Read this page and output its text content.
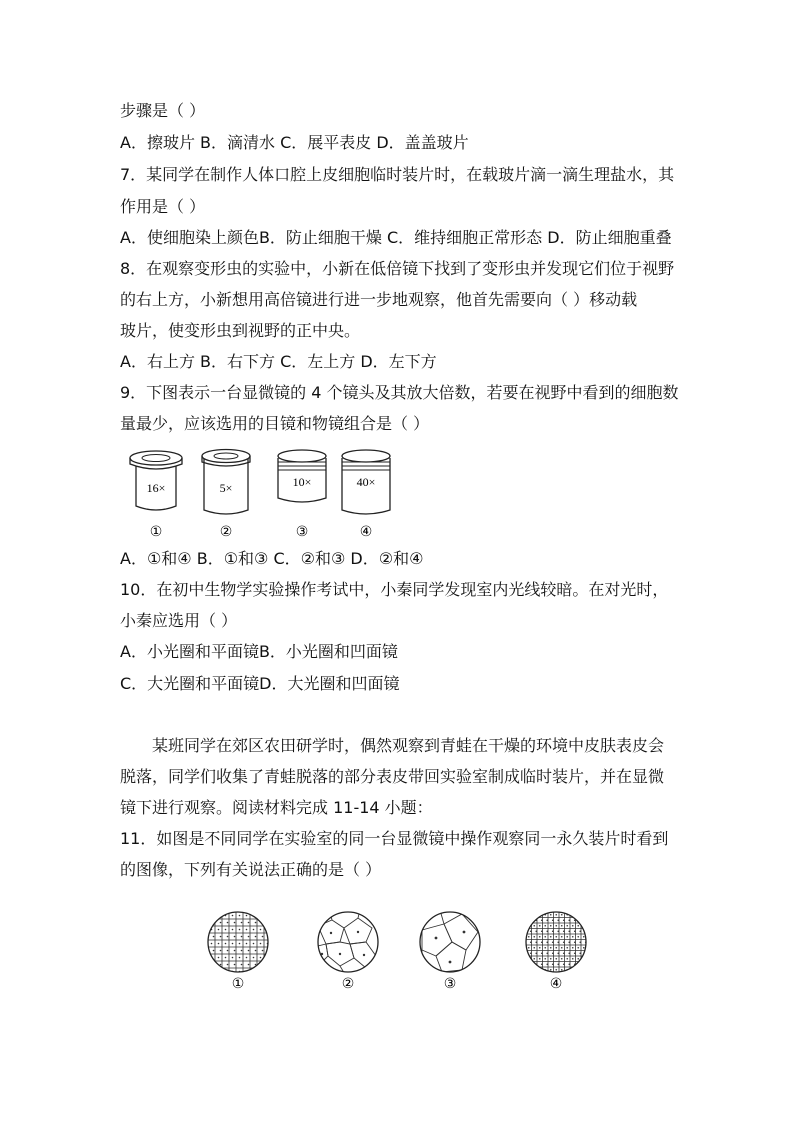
步骤是（ ）
A．擦玻片 B．滴清水 C．展平表皮 D．盖盖玻片
7．某同学在制作人体口腔上皮细胞临时装片时，在载玻片滴一滴生理盐水，其
作用是（ ）
A．使细胞染上颜色B．防止细胞干燥 C．维持细胞正常形态 D．防止细胞重叠
8．在观察变形虫的实验中，小新在低倍镜下找到了变形虫并发现它们位于视野
的右上方，小新想用高倍镜进行进一步地观察，他首先需要向（ ）移动载
玻片，使变形虫到视野的正中央。
A．右上方 B．右下方 C．左上方 D．左下方
9．下图表示一台显微镜的 4 个镜头及其放大倍数，若要在视野中看到的细胞数
量最少，应该选用的目镜和物镜组合是（ ）
16×	5×	10×	40×
①	②	③	④
A．①和④ B．①和③ C．②和③ D．②和④
10．在初中生物学实验操作考试中，小秦同学发现室内光线较暗。在对光时，
小秦应选用（ ）
A．小光圈和平面镜B．小光圈和凹面镜
C．大光圈和平面镜D．大光圈和凹面镜
某班同学在郊区农田研学时，偶然观察到青蛙在干燥的环境中皮肤表皮会
脱落，同学们收集了青蛙脱落的部分表皮带回实验室制成临时装片，并在显微
镜下进行观察。阅读材料完成 11-14 小题：
11．如图是不同同学在实验室的同一台显微镜中操作观察同一永久装片时看到
的图像，下列有关说法正确的是（ ）
①	②	③	④
